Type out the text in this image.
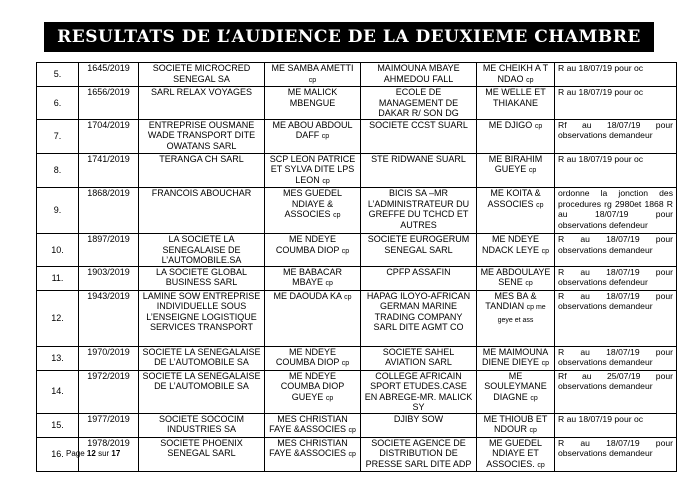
RESULTATS DE L’AUDIENCE DE LA DEUXIEME CHAMBRE
5.	1645/2019	SOCIETE MICROCRED SENEGAL SA	ME SAMBA AMETTI cp	MAIMOUNA MBAYE AHMEDOU FALL	ME CHEIKH A T NDAO cp	R au 18/07/19 pour oc
6.	1656/2019	SARL RELAX VOYAGES	ME MALICK MBENGUE	ECOLE DE MANAGEMENT DE DAKAR R/ SON DG	ME WELLE ET THIAKANE	R au 18/07/19 pour oc
7.	1704/2019	ENTREPRISE OUSMANE WADE TRANSPORT DITE OWATANS SARL	ME ABOU ABDOUL DAFF cp	SOCIETE CCST SUARL	ME DJIGO cp	Rf au 18/07/19 pour observations demandeur
8.	1741/2019	TERANGA CH SARL	SCP LEON PATRICE ET SYLVA DITE LPS LEON cp	STE RIDWANE SUARL	ME BIRAHIM GUEYE cp	R au 18/07/19 pour oc
9.	1868/2019	FRANCOIS ABOUCHAR	MES GUEDEL NDIAYE & ASSOCIES cp	BICIS SA –MR L’ADMINISTRATEUR DU GREFFE DU TCHCD ET AUTRES	ME KOITA & ASSOCIES cp	ordonne la jonction des procedures rg 2980et 1868 R au 18/07/19 pour observations defendeur
10.	1897/2019	LA SOCIETE LA SENEGALAISE DE L’AUTOMOBILE.SA	ME NDEYE COUMBA DIOP cp	SOCIETE EUROGERUM SENEGAL SARL	ME NDEYE NDACK LEYE cp	R au 18/07/19 pour observations demandeur
11.	1903/2019	LA SOCIETE GLOBAL BUSINESS SARL	ME BABACAR MBAYE cp	CPFP ASSAFIN	ME ABDOULAYE SENE cp	R au 18/07/19 pour observations defendeur
12.	1943/2019	LAMINE SOW ENTREPRISE INDIVIDUELLE SOUS L’ENSEIGNE LOGISTIQUE SERVICES TRANSPORT	ME DAOUDA KA cp	HAPAG ILOYO-AFRICAN GERMAN MARINE TRADING COMPANY SARL DITE AGMT CO	MES BA & TANDIAN cp me geye et ass	R au 18/07/19 pour observations demandeur
13.	1970/2019	SOCIETE LA SENEGALAISE DE L’AUTOMOBILE SA	ME NDEYE COUMBA DIOP cp	SOCIETE SAHEL AVIATION SARL	ME MAIMOUNA DIENE DIEYE cp	R au 18/07/19 pour observations demandeur
14.	1972/2019	SOCIETE LA SENEGALAISE DE L’AUTOMOBILE SA	ME NDEYE COUMBA DIOP GUEYE cp	COLLEGE AFRICAIN SPORT ETUDES.CASE EN ABREGE-MR. MALICK SY	ME SOULEYMANE DIAGNE cp	Rf au 25/07/19 pour observations demandeur
15.	1977/2019	SOCIETE SOCOCIM INDUSTRIES SA	MES CHRISTIAN FAYE &ASSOCIES cp	DJIBY SOW	ME THIOUB ET NDOUR cp	R au 18/07/19 pour oc
16.	1978/2019	SOCIETE PHOENIX SENEGAL SARL	MES CHRISTIAN FAYE &ASSOCIES cp	SOCIETE AGENCE DE DISTRIBUTION DE PRESSE SARL DITE ADP	ME GUEDEL NDIAYE ET ASSOCIES. cp	R au 18/07/19 pour observations demandeur
Page 12 sur 17
